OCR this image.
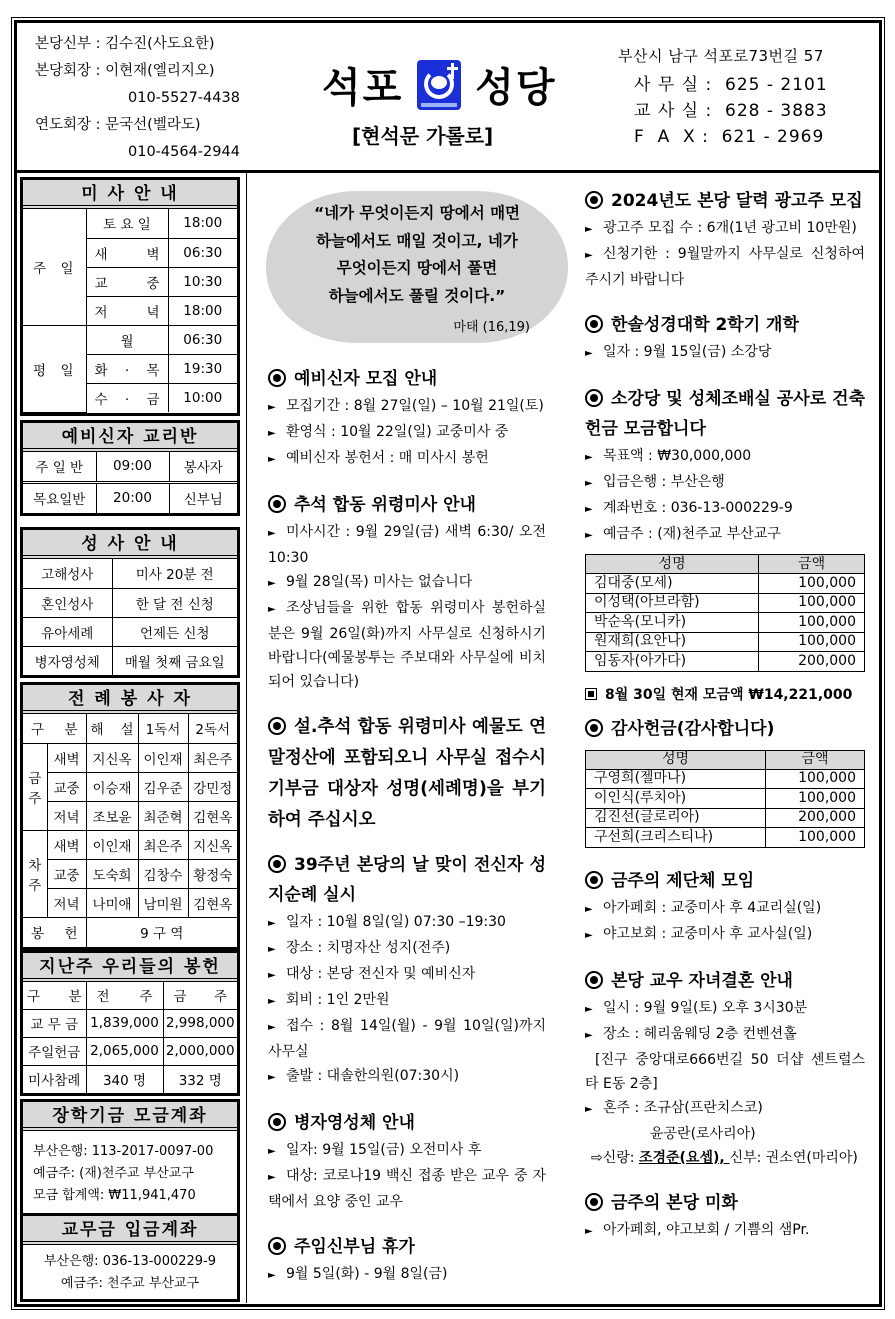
본당신부 : 김수진(사도요한)
본당회장 : 이현재(엘리지오)
010-5527-4438
연도회장 : 문국선(벨라도)
010-4564-2944
석포 성당
[현석문 가롤로]
부산시 남구 석포로73번길 57
사 무 실 : 625 - 2101
교 사 실 : 628 - 3883
F  A  X : 621 - 2969
미 사 안 내
주 일	토 요 일	18:00

	새 벽	06:30

	교 중	10:30

	저 녁	18:00

평 일	월	06:30

	화 . 목	19:30

	수 . 금	10:00
예비신자 교리반
주 일 반	09:00	봉사자
목요일반	20:00	신부님
성 사 안 내
고해성사	미사 20분 전
혼인성사	한 달 전 신청
유아세례	언제든 신청
병자영성체	매월 첫째 금요일
전 례 봉 사 자
구 분		해 설	1독서	2독서

금
주	새벽	지신옥	이인재	최은주
	교중	이승재	김우준	강민정
	저녁	조보윤	최준혁	김현옥

차
주	새벽	이인재	최은주	지신옥
	교중	도숙희	김창수	황정숙
	저녁	나미애	남미원	김현옥

봉 헌		9 구 역		
지난주 우리들의 봉헌
구 분	전 주	금 주

교 무 금	1,839,000	2,998,000
주일헌금	2,065,000	2,000,000
미사참례	340 명	332 명
장학기금 모금계좌
부산은행: 113-2017-0097-00
예금주: (재)천주교 부산교구
모금 합계액: ₩11,941,470
교무금 입금계좌
부산은행: 036-13-000229-9
예금주: 천주교 부산교구
“네가 무엇이든지 땅에서 매면
하늘에서도 매일 것이고, 네가
무엇이든지 땅에서 풀면
하늘에서도 풀릴 것이다.”
마태 (16,19)
예비신자 모집 안내
► 모집기간 : 8월 27일(일) – 10월 21일(토)
► 환영식 : 10월 22일(일) 교중미사 중
► 예비신자 봉헌서 : 매 미사시 봉헌
추석 합동 위령미사 안내
► 미사시간 : 9월 29일(금) 새벽 6:30/ 오전 10:30
► 9월 28일(목) 미사는 없습니다
► 조상님들을 위한 합동 위령미사 봉헌하실 분은 9월 26일(화)까지 사무실로 신청하시기 바랍니다(예물봉투는 주보대와 사무실에 비치되어 있습니다)
설.추석 합동 위령미사 예물도 연말정산에 포함되오니 사무실 접수시 기부금 대상자 성명(세례명)을 부기하여 주십시오
39주년 본당의 날 맞이 전신자 성지순례 실시
► 일자 : 10월 8일(일) 07:30 –19:30
► 장소 : 치명자산 성지(전주)
► 대상 : 본당 전신자 및 예비신자
► 회비 : 1인 2만원
► 접수 : 8월 14일(월) - 9월 10일(일)까지 사무실
► 출발 : 대솔한의원(07:30시)
병자영성체 안내
► 일자: 9월 15일(금) 오전미사 후
► 대상: 코로나19 백신 접종 받은 교우 중 자택에서 요양 중인 교우
주임신부님 휴가
► 9월 5일(화) - 9월 8일(금)
2024년도 본당 달력 광고주 모집
► 광고주 모집 수 : 6개(1년 광고비 10만원)
► 신청기한 : 9월말까지 사무실로 신청하여 주시기 바랍니다
한솔성경대학 2학기 개학
► 일자 : 9월 15일(금) 소강당
소강당 및 성체조배실 공사로 건축헌금 모금합니다
► 목표액 : ₩30,000,000
► 입금은행 : 부산은행
► 계좌번호 : 036-13-000229-9
► 예금주 : (재)천주교 부산교구
성명	금액
김대중(모세)	100,000
이성택(아브라함)	100,000
박순옥(모니카)	100,000
원재희(요안나)	100,000
임동자(아가다)	200,000
8월 30일 현재 모금액 ₩14,221,000
감사헌금(감사합니다)
성명	금액
구영희(젤마나)	100,000
이인식(루치아)	100,000
김진선(글로리아)	200,000
구선희(크리스티나)	100,000
금주의 제단체 모임
► 아가페회 : 교중미사 후 4교리실(일)
► 야고보회 : 교중미사 후 교사실(일)
본당 교우 자녀결혼 안내
► 일시 : 9월 9일(토) 오후 3시30분
► 장소 : 헤리움웨딩 2층 컨벤션홀
[진구 중앙대로666번길 50 더샵 센트럴스타 E동 2층]
► 혼주 : 조규삼(프란치스코)
윤공란(로사리아)
⇨신랑: 조경준(요셉), 신부: 권소연(마리아)
금주의 본당 미화
► 아가페회, 야고보회 / 기쁨의 샘Pr.
